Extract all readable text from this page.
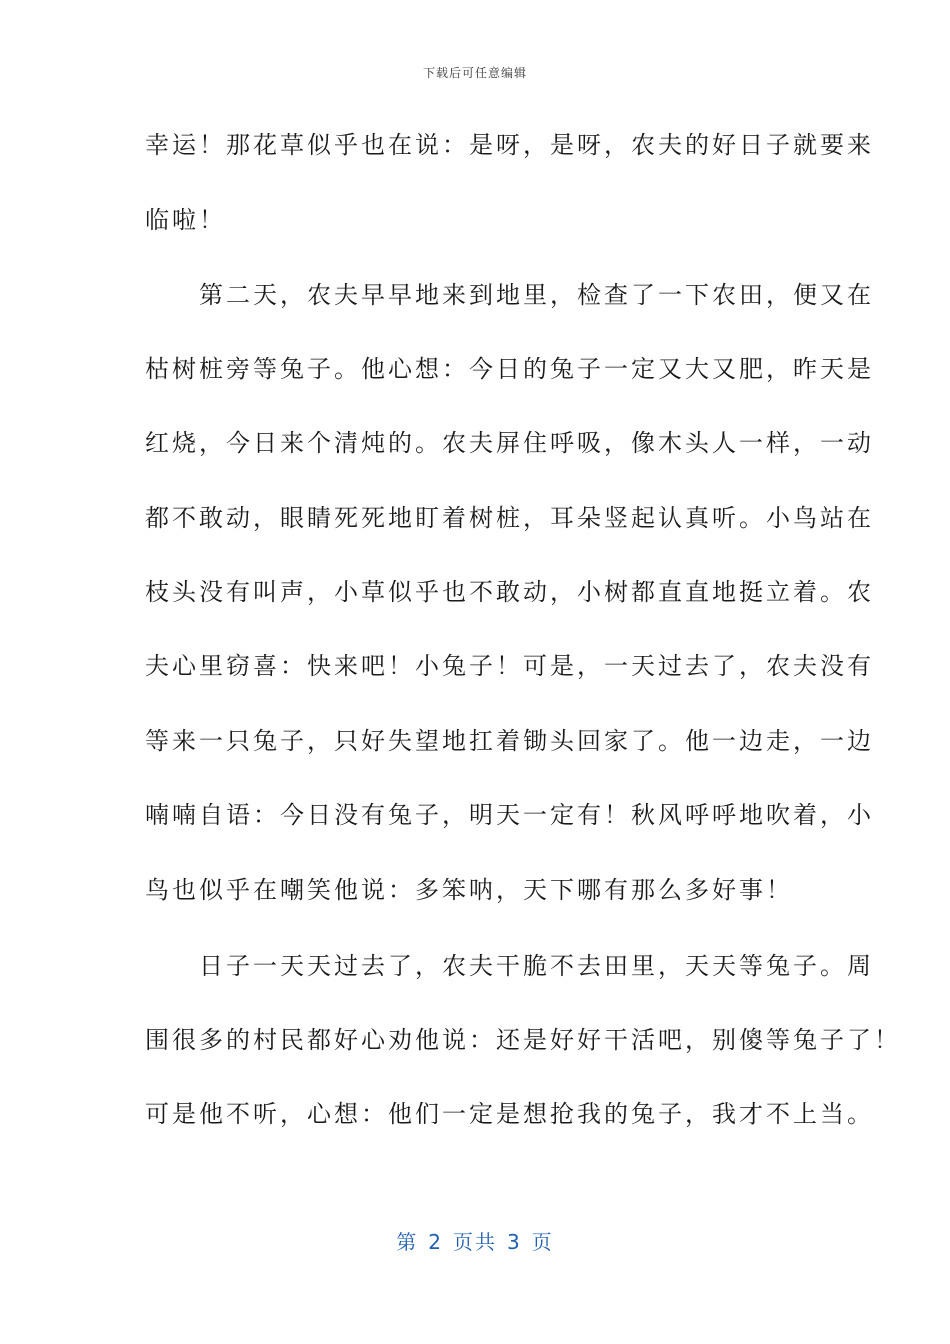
下载后可任意编辑
幸运！那花草似乎也在说：是呀，是呀，农夫的好日子就要来
临啦！
　　第二天，农夫早早地来到地里，检查了一下农田，便又在
枯树桩旁等兔子。他心想：今日的兔子一定又大又肥，昨天是
红烧，今日来个清炖的。农夫屏住呼吸，像木头人一样，一动
都不敢动，眼睛死死地盯着树桩，耳朵竖起认真听。小鸟站在
枝头没有叫声，小草似乎也不敢动，小树都直直地挺立着。农
夫心里窃喜：快来吧！小兔子！可是，一天过去了，农夫没有
等来一只兔子，只好失望地扛着锄头回家了。他一边走，一边
喃喃自语：今日没有兔子，明天一定有！秋风呼呼地吹着，小
鸟也似乎在嘲笑他说：多笨呐，天下哪有那么多好事！
　　日子一天天过去了，农夫干脆不去田里，天天等兔子。周
围很多的村民都好心劝他说：还是好好干活吧，别傻等兔子了！
可是他不听，心想：他们一定是想抢我的兔子，我才不上当。
第 2 页共 3 页
